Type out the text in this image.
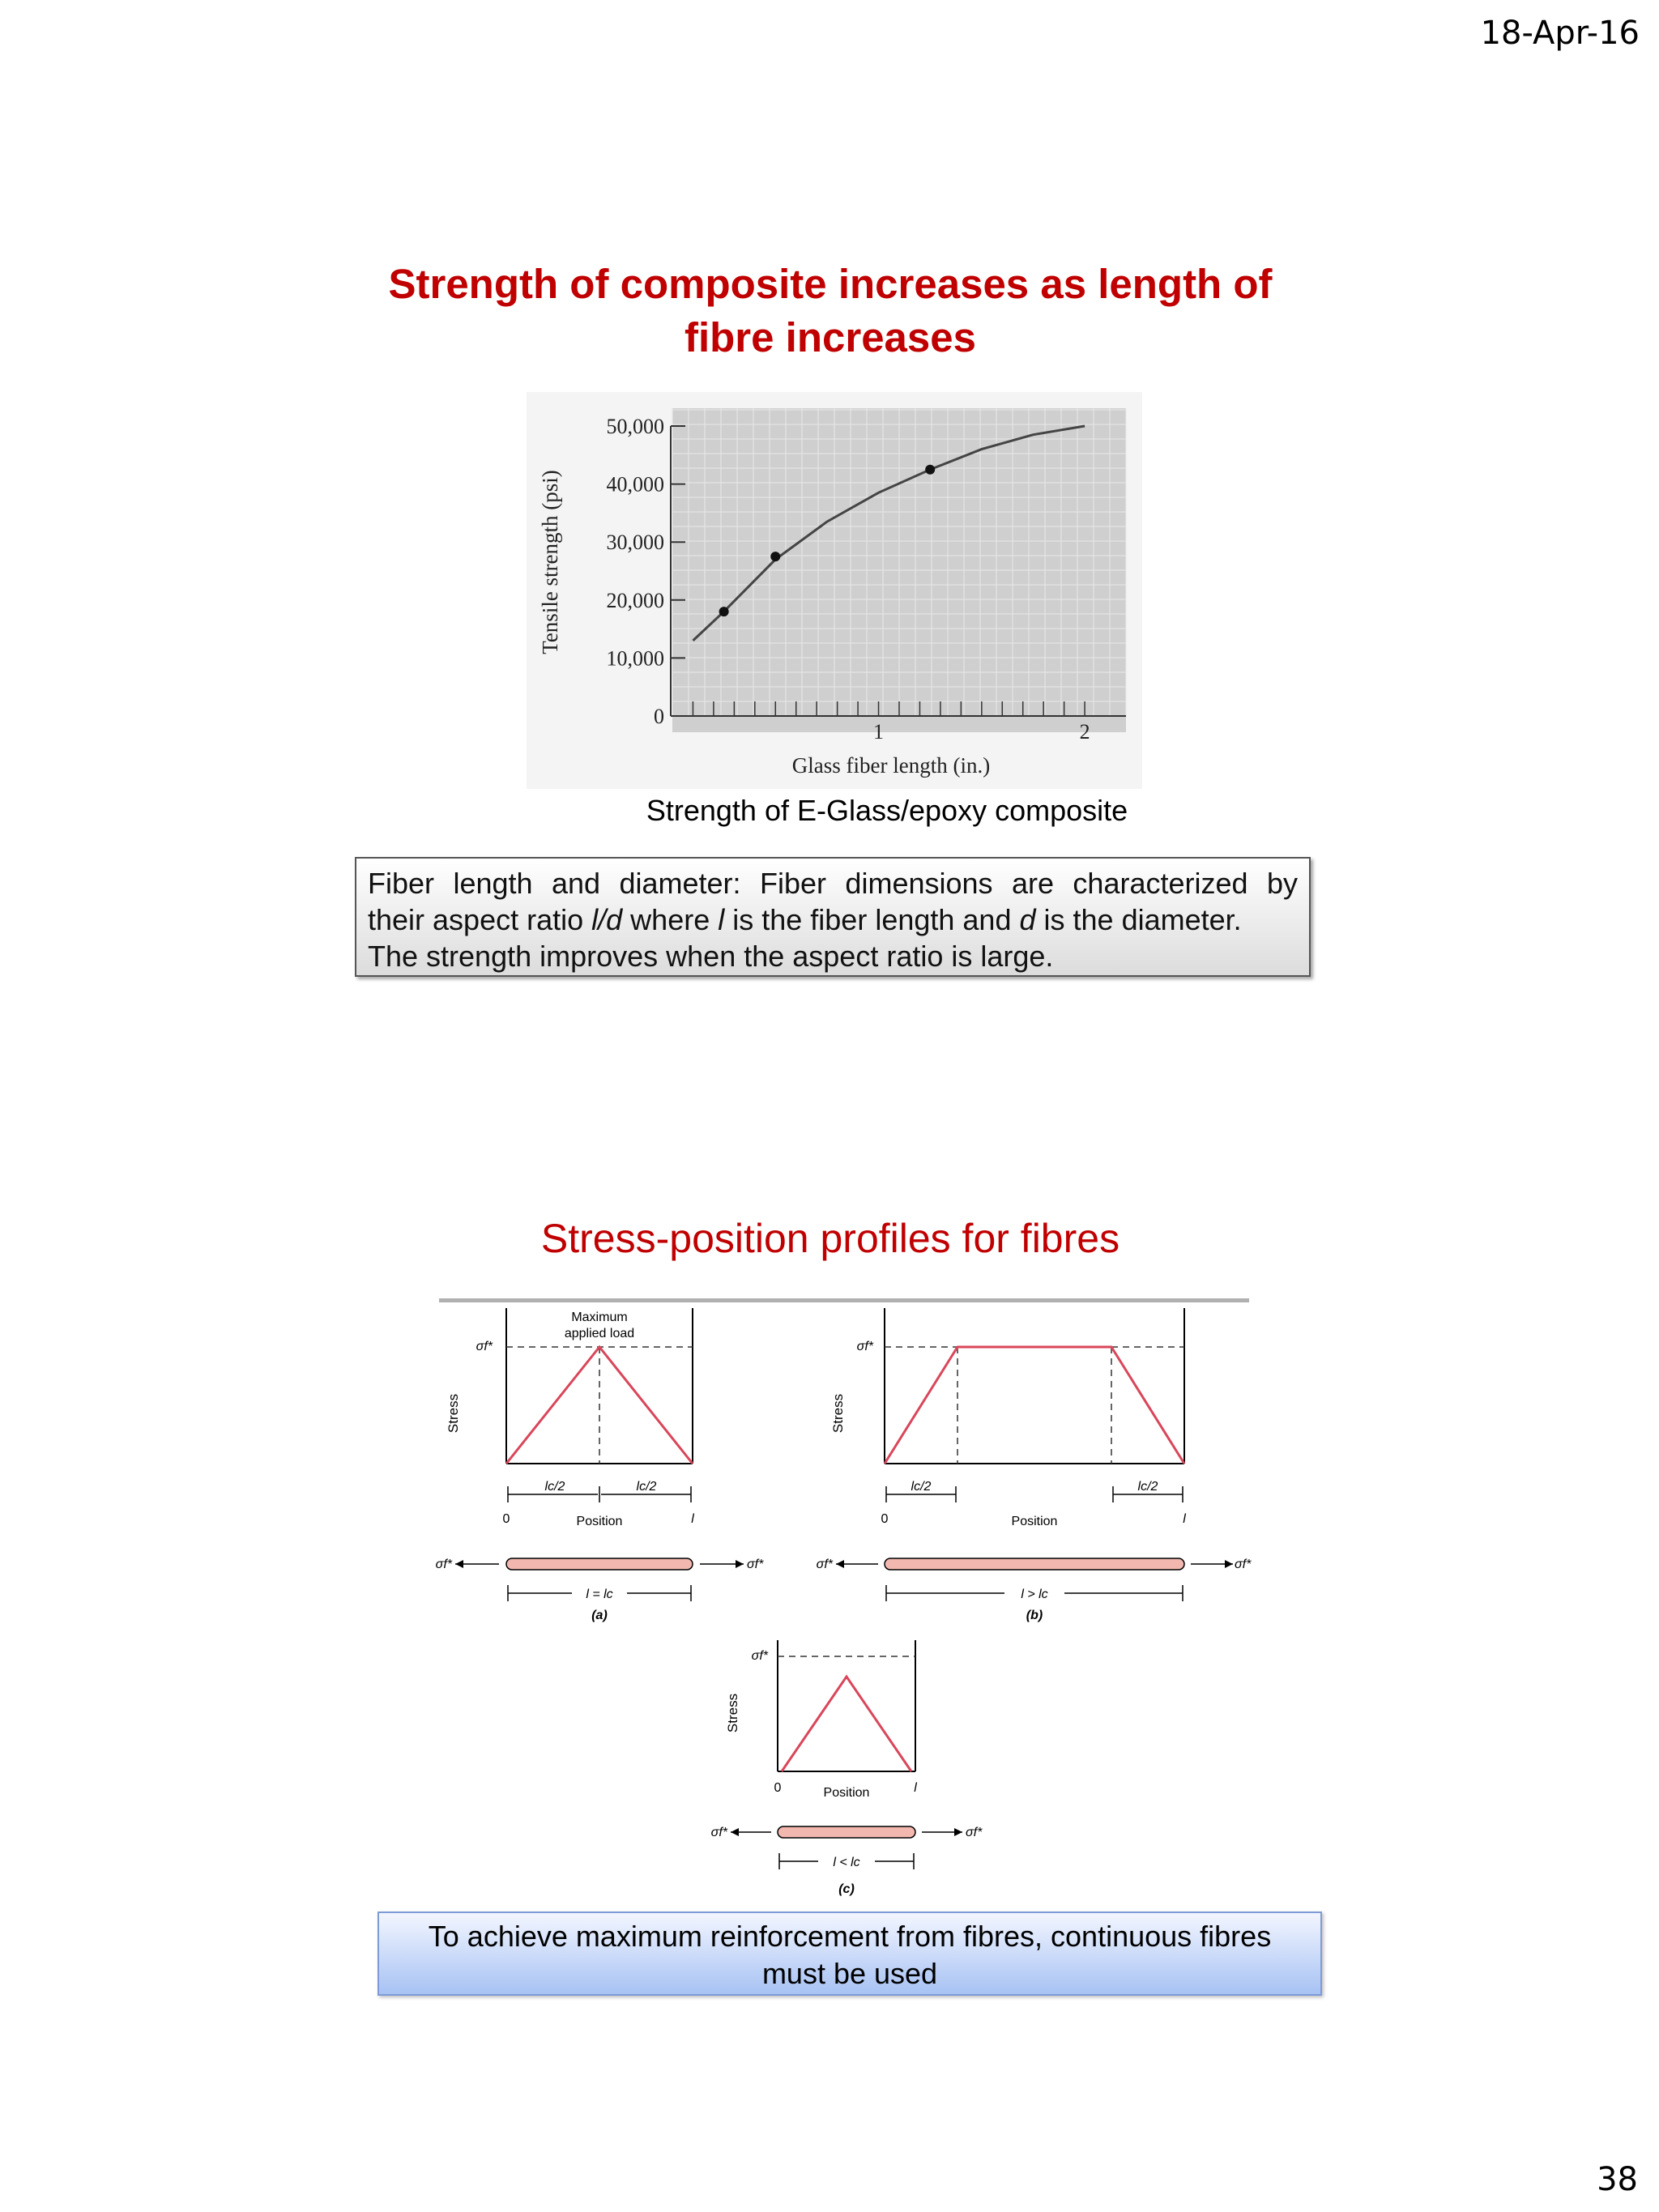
18-Apr-16
Strength of composite increases as length of
fibre increases
50,000
40,000
30,000
20,000
10,000
0
1	2
Tensile strength (psi)
Glass fiber length (in.)
Strength of E-Glass/epoxy composite
Fiber length and diameter: Fiber dimensions are characterized by
their aspect ratio l/d where l is the fiber length and d is the diameter.
The strength improves when the aspect ratio is large.
Stress-position profiles for fibres
Maximum
applied load
σf*
Stress
lc/2	lc/2
0	l
Position
σf*	σf*
l = lc
(a)
σf*
Stress
lc/2	lc/2
0	l
Position
σf*	σf*
l > lc
(b)
σf*
Stress
0	l
Position
σf*	σf*
l < lc
(c)
To achieve maximum reinforcement from fibres, continuous fibres
must be used
38
